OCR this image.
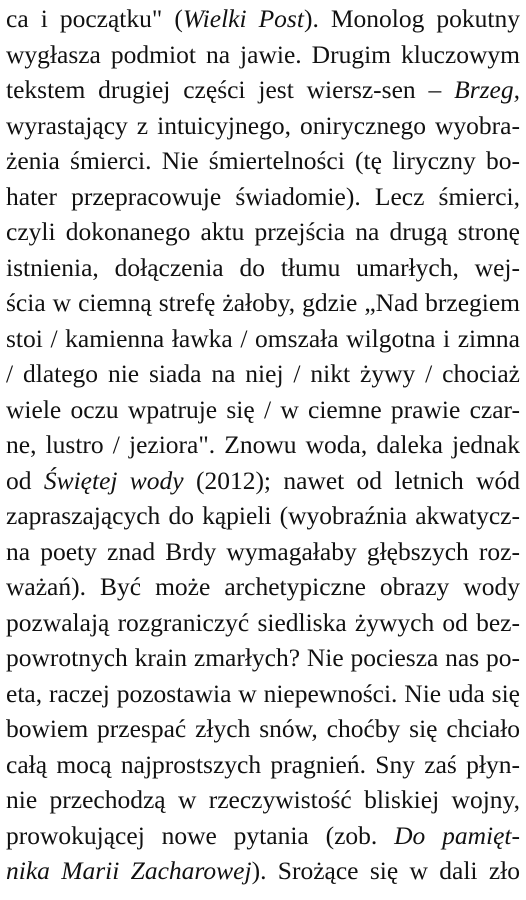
ca i początku" (Wielki Post). Monolog pokutny
wygłasza podmiot na jawie. Drugim kluczowym
tekstem drugiej części jest wiersz-sen – Brzeg,
wyrastający z intuicyjnego, onirycznego wyobra-
żenia śmierci. Nie śmiertelności (tę liryczny bo-
hater przepracowuje świadomie). Lecz śmierci,
czyli dokonanego aktu przejścia na drugą stronę
istnienia, dołączenia do tłumu umarłych, wej-
ścia w ciemną strefę żałoby, gdzie „Nad brzegiem
stoi / kamienna ławka / omszała wilgotna i zimna
/ dlatego nie siada na niej / nikt żywy / chociaż
wiele oczu wpatruje się / w ciemne prawie czar-
ne, lustro / jeziora". Znowu woda, daleka jednak
od Świętej wody (2012); nawet od letnich wód
zapraszających do kąpieli (wyobraźnia akwatycz-
na poety znad Brdy wymagałaby głębszych roz-
ważań). Być może archetypiczne obrazy wody
pozwalają rozgraniczyć siedliska żywych od bez-
powrotnych krain zmarłych? Nie pociesza nas po-
eta, raczej pozostawia w niepewności. Nie uda się
bowiem przespać złych snów, choćby się chciało
całą mocą najprostszych pragnień. Sny zaś płyn-
nie przechodzą w rzeczywistość bliskiej wojny,
prowokującej nowe pytania (zob. Do pamięt-
nika Marii Zacharowej). Srożące się w dali zło
